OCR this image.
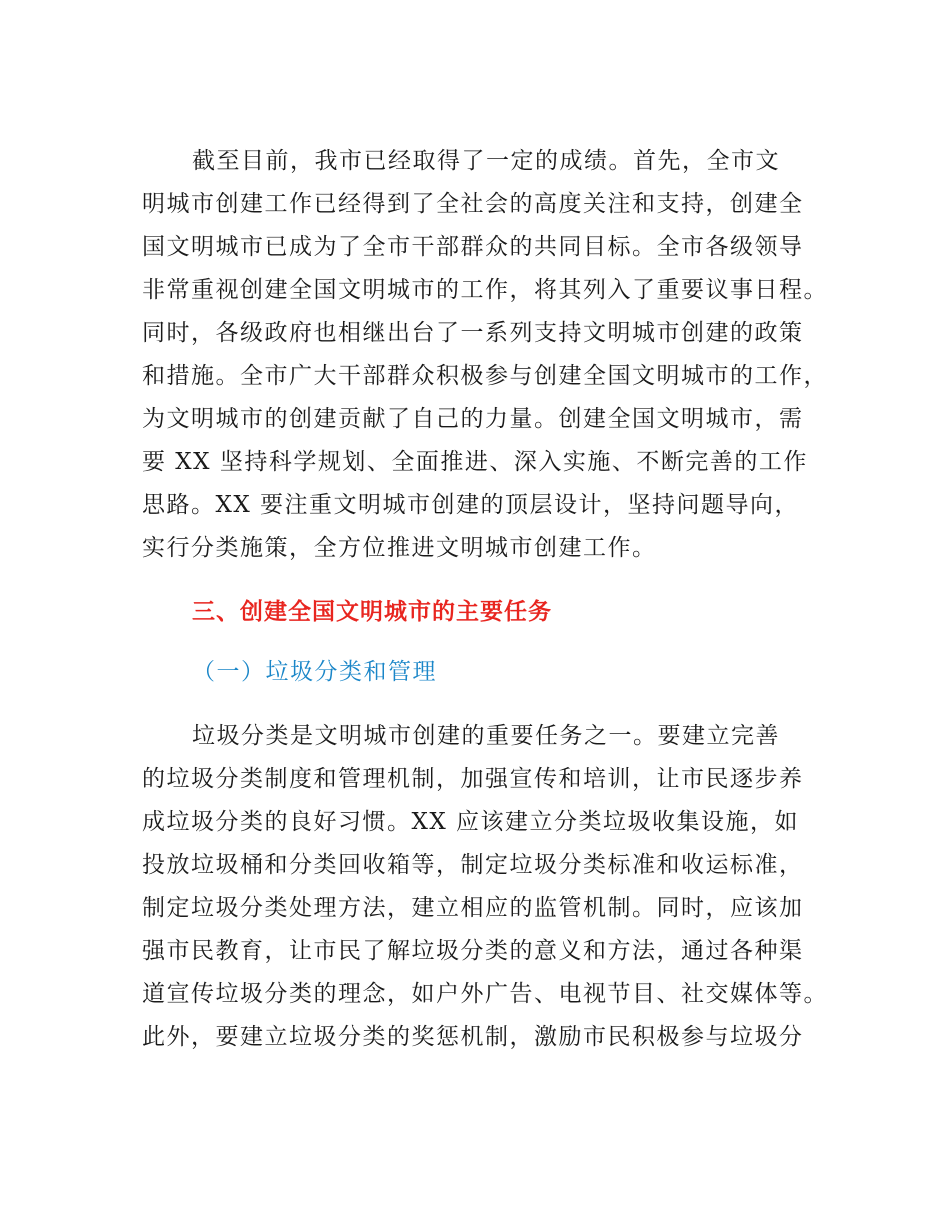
截至目前，我市已经取得了一定的成绩。首先，全市文
明城市创建工作已经得到了全社会的高度关注和支持，创建全
国文明城市已成为了全市干部群众的共同目标。全市各级领导
非常重视创建全国文明城市的工作，将其列入了重要议事日程。
同时，各级政府也相继出台了一系列支持文明城市创建的政策
和措施。全市广大干部群众积极参与创建全国文明城市的工作，
为文明城市的创建贡献了自己的力量。创建全国文明城市，需
要 XX 坚持科学规划、全面推进、深入实施、不断完善的工作
思路。XX 要注重文明城市创建的顶层设计，坚持问题导向，
实行分类施策，全方位推进文明城市创建工作。
三、创建全国文明城市的主要任务
（一）垃圾分类和管理
垃圾分类是文明城市创建的重要任务之一。要建立完善
的垃圾分类制度和管理机制，加强宣传和培训，让市民逐步养
成垃圾分类的良好习惯。XX 应该建立分类垃圾收集设施，如
投放垃圾桶和分类回收箱等，制定垃圾分类标准和收运标准，
制定垃圾分类处理方法，建立相应的监管机制。同时，应该加
强市民教育，让市民了解垃圾分类的意义和方法，通过各种渠
道宣传垃圾分类的理念，如户外广告、电视节目、社交媒体等。
此外，要建立垃圾分类的奖惩机制，激励市民积极参与垃圾分
